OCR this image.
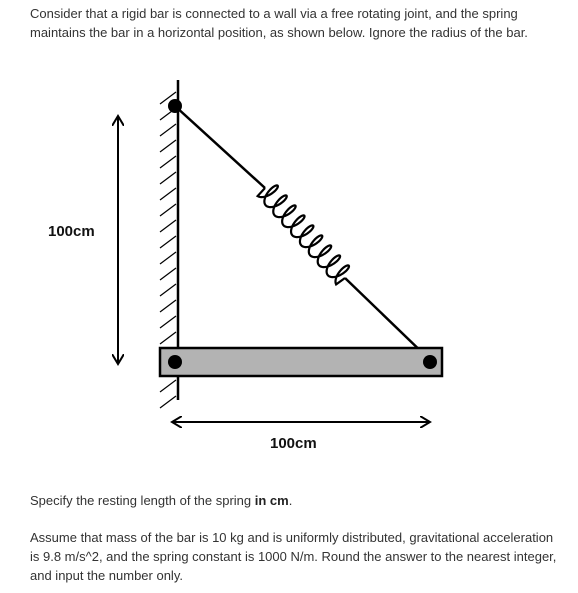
Consider that a rigid bar is connected to a wall via a free rotating joint, and the spring maintains the bar in a horizontal position, as shown below. Ignore the radius of the bar.

100cm
100cm

Specify the resting length of the spring in cm.

Assume that mass of the bar is 10 kg and is uniformly distributed, gravitational acceleration is 9.8 m/s^2, and the spring constant is 1000 N/m. Round the answer to the nearest integer, and input the number only.
